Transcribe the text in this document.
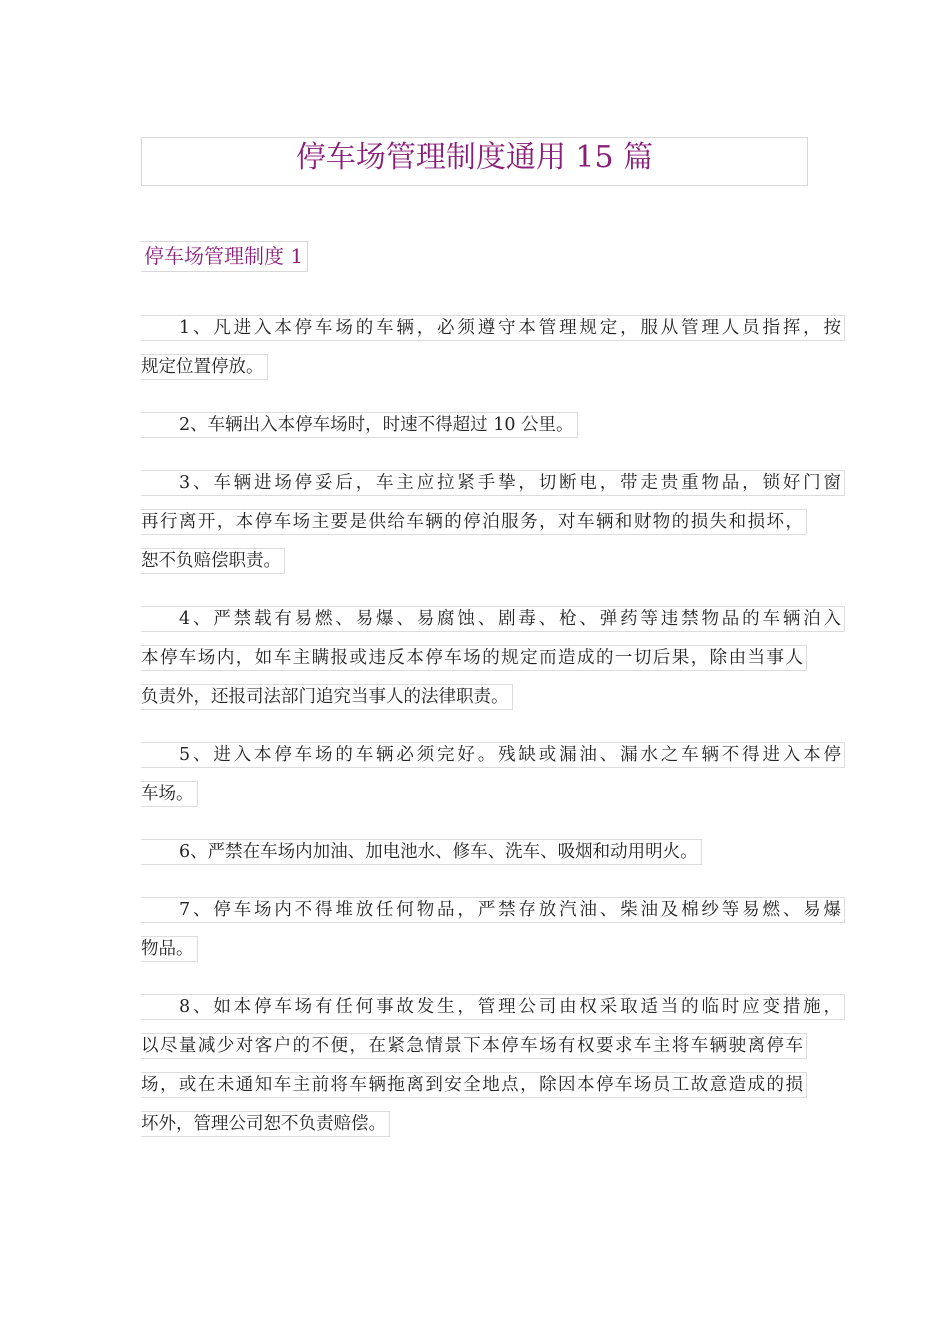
停车场管理制度通用 15 篇
停车场管理制度 1
1、凡进入本停车场的车辆，必须遵守本管理规定，服从管理人员指挥，按
规定位置停放。
2、车辆出入本停车场时，时速不得超过 10 公里。
3、车辆进场停妥后，车主应拉紧手挚，切断电，带走贵重物品，锁好门窗
再行离开，本停车场主要是供给车辆的停泊服务，对车辆和财物的损失和损坏，
恕不负赔偿职责。
4、严禁载有易燃、易爆、易腐蚀、剧毒、枪、弹药等违禁物品的车辆泊入
本停车场内，如车主瞒报或违反本停车场的规定而造成的一切后果，除由当事人
负责外，还报司法部门追究当事人的法律职责。
5、进入本停车场的车辆必须完好。残缺或漏油、漏水之车辆不得进入本停
车场。
6、严禁在车场内加油、加电池水、修车、洗车、吸烟和动用明火。
7、停车场内不得堆放任何物品，严禁存放汽油、柴油及棉纱等易燃、易爆
物品。
8、如本停车场有任何事故发生，管理公司由权采取适当的临时应变措施，
以尽量减少对客户的不便，在紧急情景下本停车场有权要求车主将车辆驶离停车
场，或在未通知车主前将车辆拖离到安全地点，除因本停车场员工故意造成的损
坏外，管理公司恕不负责赔偿。
